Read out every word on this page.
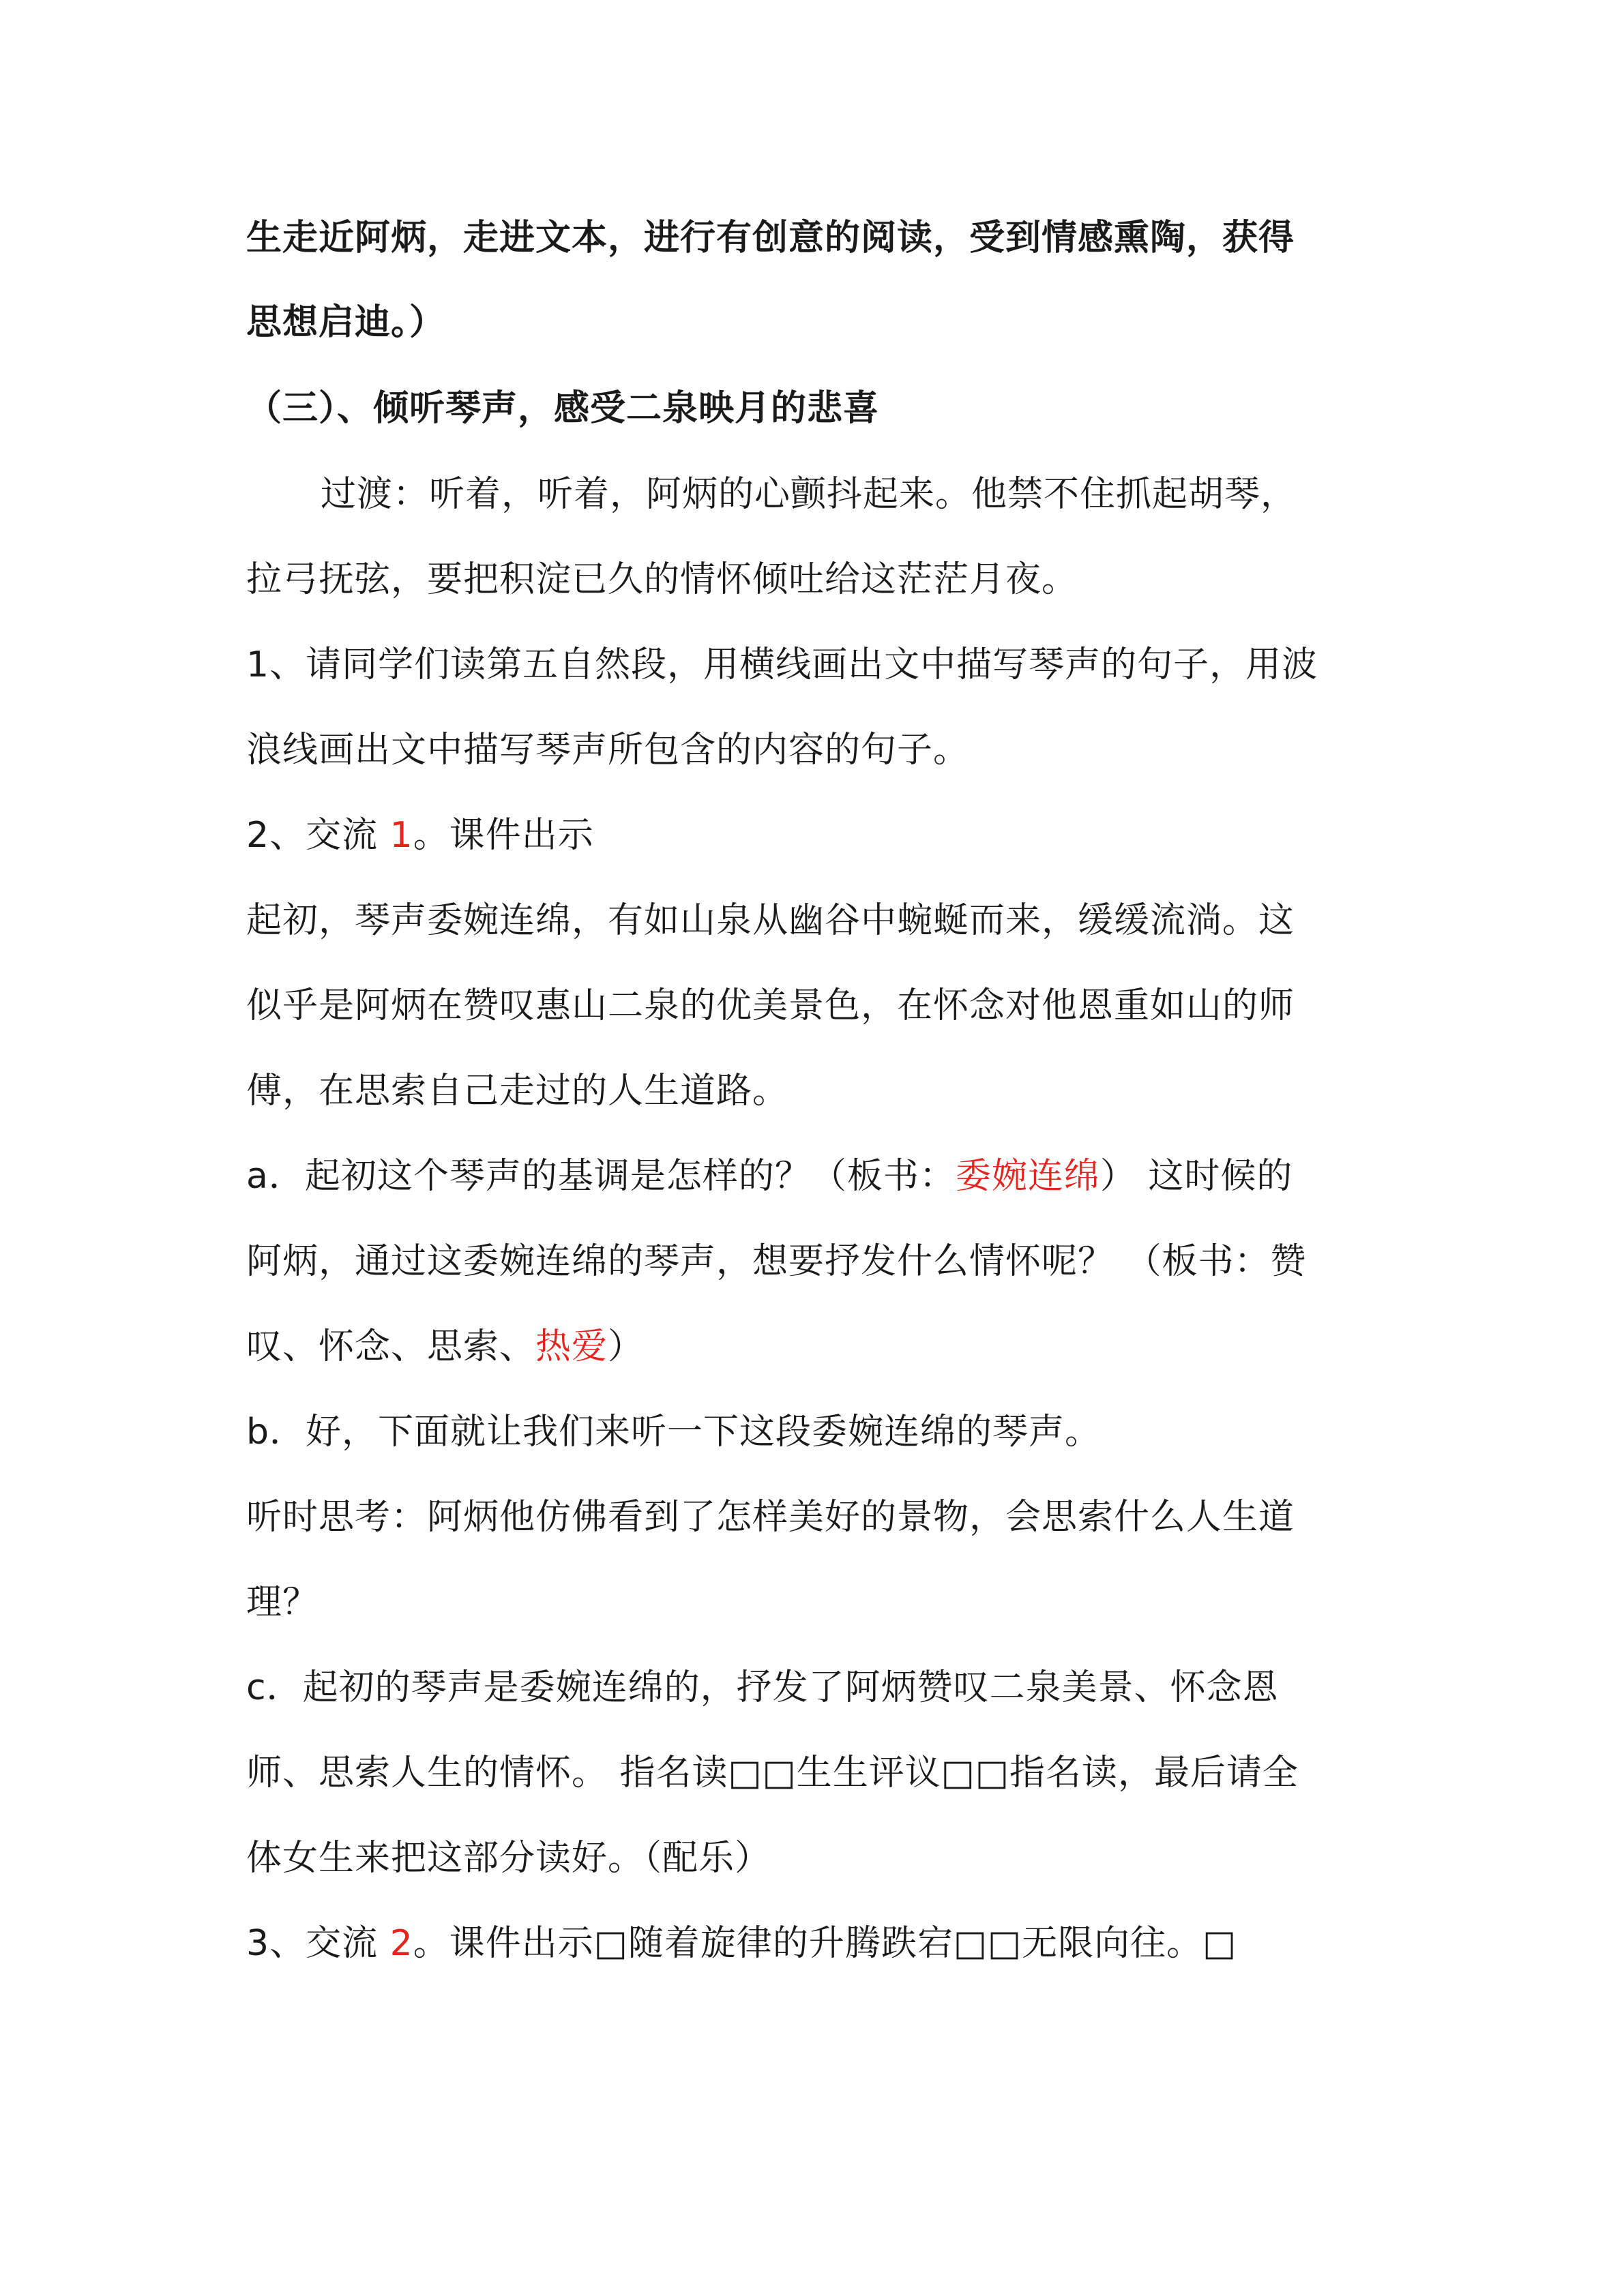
生走近阿炳，走进文本，进行有创意的阅读，受到情感熏陶，获得
思想启迪。）
（三）、倾听琴声，感受二泉映月的悲喜
过渡：听着，听着，阿炳的心颤抖起来。他禁不住抓起胡琴，
拉弓抚弦，要把积淀已久的情怀倾吐给这茫茫月夜。
1、请同学们读第五自然段，用横线画出文中描写琴声的句子，用波
浪线画出文中描写琴声所包含的内容的句子。
2、交流 1。课件出示
起初，琴声委婉连绵，有如山泉从幽谷中蜿蜒而来，缓缓流淌。这
似乎是阿炳在赞叹惠山二泉的优美景色，在怀念对他恩重如山的师
傅，在思索自己走过的人生道路。
a．起初这个琴声的基调是怎样的？（板书：委婉连绵） 这时候的
阿炳，通过这委婉连绵的琴声，想要抒发什么情怀呢？ （板书：赞
叹、怀念、思索、热爱）
b．好，下面就让我们来听一下这段委婉连绵的琴声。
听时思考：阿炳他仿佛看到了怎样美好的景物，会思索什么人生道
理？
c．起初的琴声是委婉连绵的，抒发了阿炳赞叹二泉美景、怀念恩
师、思索人生的情怀。 指名读□□生生评议□□指名读，最后请全
体女生来把这部分读好。（配乐）
3、交流 2。课件出示□随着旋律的升腾跌宕□□无限向往。□
